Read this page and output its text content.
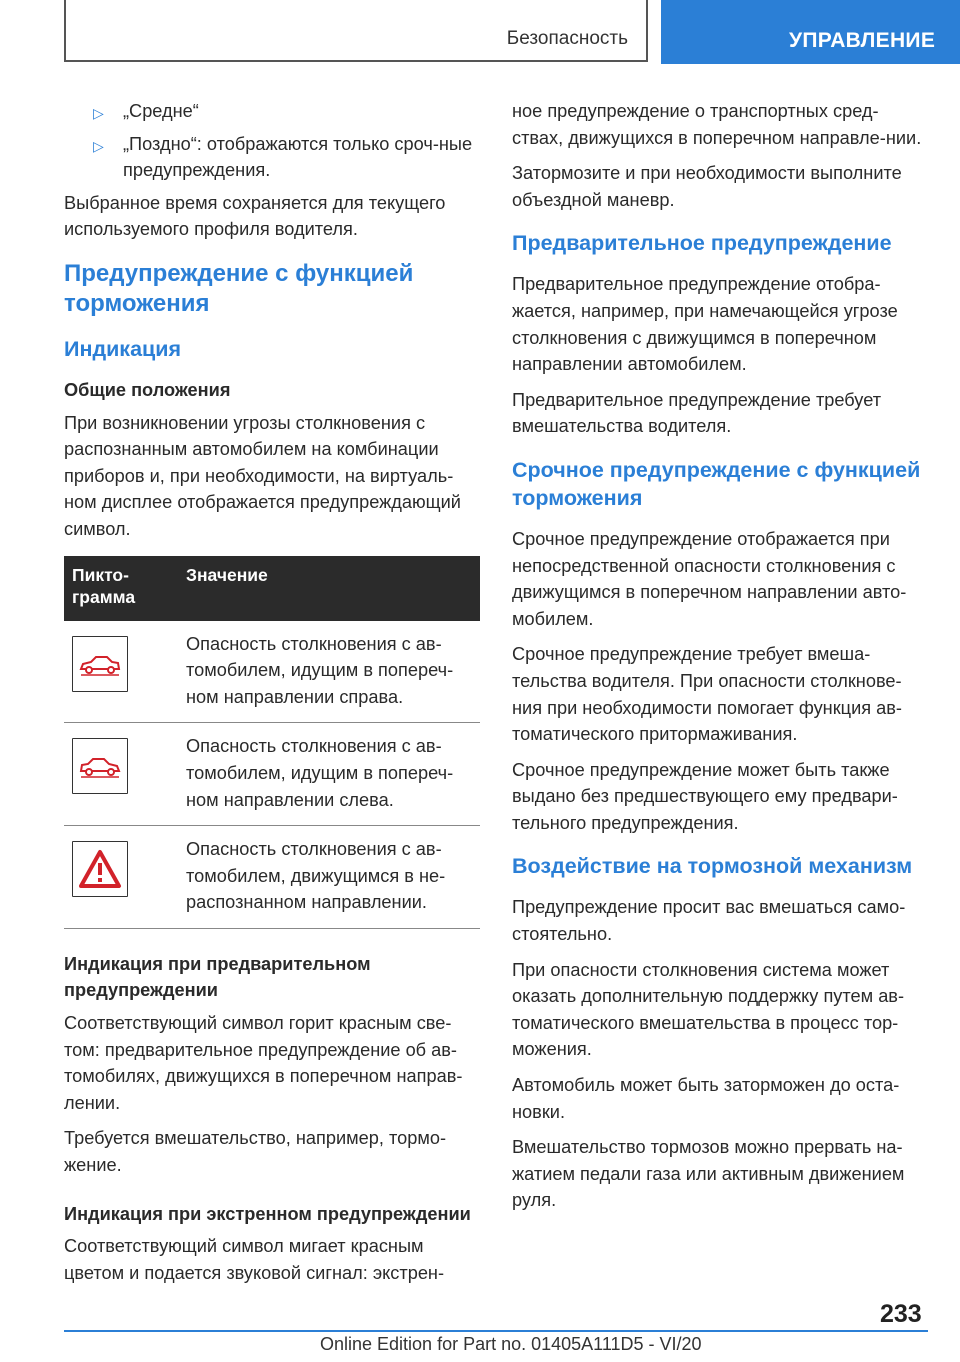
Безопасность	УПРАВЛЕНИЕ
▷ „Средне“
▷ „Поздно“: отображаются только сроч-ные предупреждения.

Выбранное время сохраняется для текущего используемого профиля водителя.

Предупреждение с функцией торможения
Индикация
Общие положения

При возникновении угрозы столкновения с распознанным автомобилем на комбинации приборов и, при необходимости, на виртуаль-ном дисплее отображается предупреждающий символ.

Пикто-грамма
Значение
Опасность столкновения с ав-томобилем, идущим в попереч-ном направлении справа.
Опасность столкновения с ав-томобилем, идущим в попереч-ном направлении слева.
Опасность столкновения с ав-томобилем, движущимся в не-распознанном направлении.
Индикация при предварительном предупреждении

Соответствующий символ горит красным све-том: предварительное предупреждение об ав-томобилях, движущихся в поперечном направ-лении.

Требуется вмешательство, например, тормо-жение.

Индикация при экстренном предупреждении

Соответствующий символ мигает красным цветом и подается звуковой сигнал: экстрен-

ное предупреждение о транспортных сред-ствах, движущихся в поперечном направле-нии.

Затормозите и при необходимости выполните объездной маневр.

Предварительное предупреждение

Предварительное предупреждение отобра-жается, например, при намечающейся угрозе столкновения с движущимся в поперечном направлении автомобилем.

Предварительное предупреждение требует вмешательства водителя.

Срочное предупреждение с функцией торможения

Срочное предупреждение отображается при непосредственной опасности столкновения с движущимся в поперечном направлении авто-мобилем.

Срочное предупреждение требует вмеша-тельства водителя. При опасности столкнове-ния при необходимости помогает функция ав-томатического притормаживания.

Срочное предупреждение может быть также выдано без предшествующего ему предвари-тельного предупреждения.

Воздействие на тормозной механизм

Предупреждение просит вас вмешаться само-стоятельно.

При опасности столкновения система может оказать дополнительную поддержку путем ав-томатического вмешательства в процесс тор-можения.

Автомобиль может быть заторможен до оста-новки.

Вмешательство тормозов можно прервать на-жатием педали газа или активным движением руля.

233
Online Edition for Part no. 01405A111D5 - VI/20
